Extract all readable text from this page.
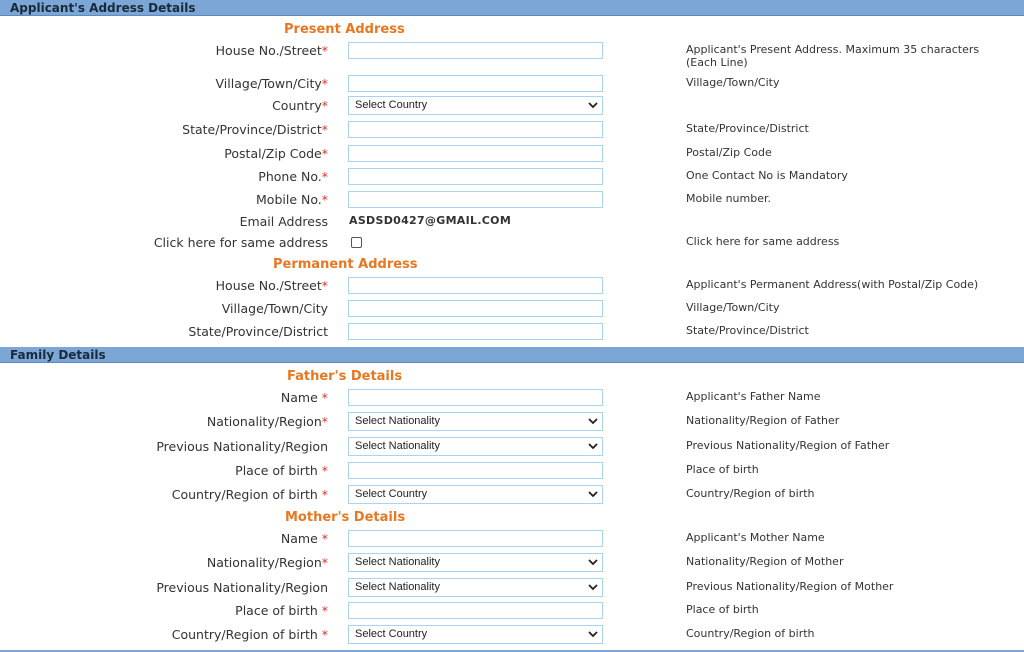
Applicant's Address Details
Present Address
House No./Street*	Applicant's Present Address. Maximum 35 characters (Each Line)
Village/Town/City*	Village/Town/City
Country*	Select Country
State/Province/District*	State/Province/District
Postal/Zip Code*	Postal/Zip Code
Phone No.*	One Contact No is Mandatory
Mobile No.*	Mobile number.
Email Address ASDSD0427@GMAIL.COM
Click here for same address	Click here for same address
Permanent Address
House No./Street*	Applicant's Permanent Address(with Postal/Zip Code)
Village/Town/City	Village/Town/City
State/Province/District	State/Province/District
Family Details
Father's Details
Name *	Applicant's Father Name
Nationality/Region*	Select Nationality	Nationality/Region of Father
Previous Nationality/Region	Select Nationality	Previous Nationality/Region of Father
Place of birth *	Place of birth
Country/Region of birth *	Select Country	Country/Region of birth
Mother's Details
Name *	Applicant's Mother Name
Nationality/Region*	Select Nationality	Nationality/Region of Mother
Previous Nationality/Region	Select Nationality	Previous Nationality/Region of Mother
Place of birth *	Place of birth
Country/Region of birth *	Select Country	Country/Region of birth
